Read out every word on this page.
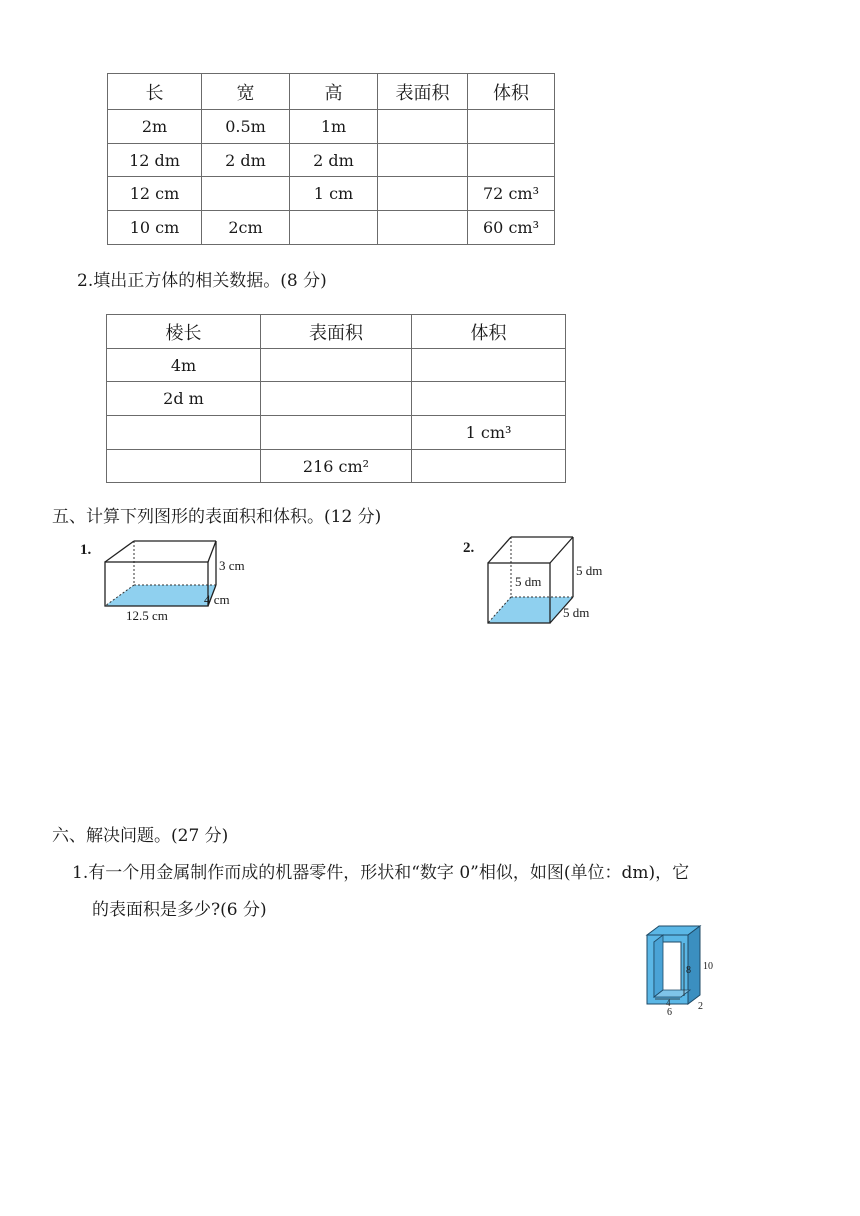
长	宽	高	表面积	体积
2m	0.5m	1m		
12 dm	2 dm	2 dm		
12 cm		1 cm		72 cm³
10 cm	2cm			60 cm³
2.填出正方体的相关数据。(8 分)
棱长	表面积	体积
4m		
2d m		
		1 cm³
	216 cm²	
五、计算下列图形的表面积和体积。(12 分)
1.
3 cm
4 cm
12.5 cm
2.
5 dm
5 dm
5 dm
六、解决问题。(27 分)
1.有一个用金属制作而成的机器零件，形状和“数字 0”相似，如图(单位：dm)，它
的表面积是多少?(6 分)
8 10
4
6
2
